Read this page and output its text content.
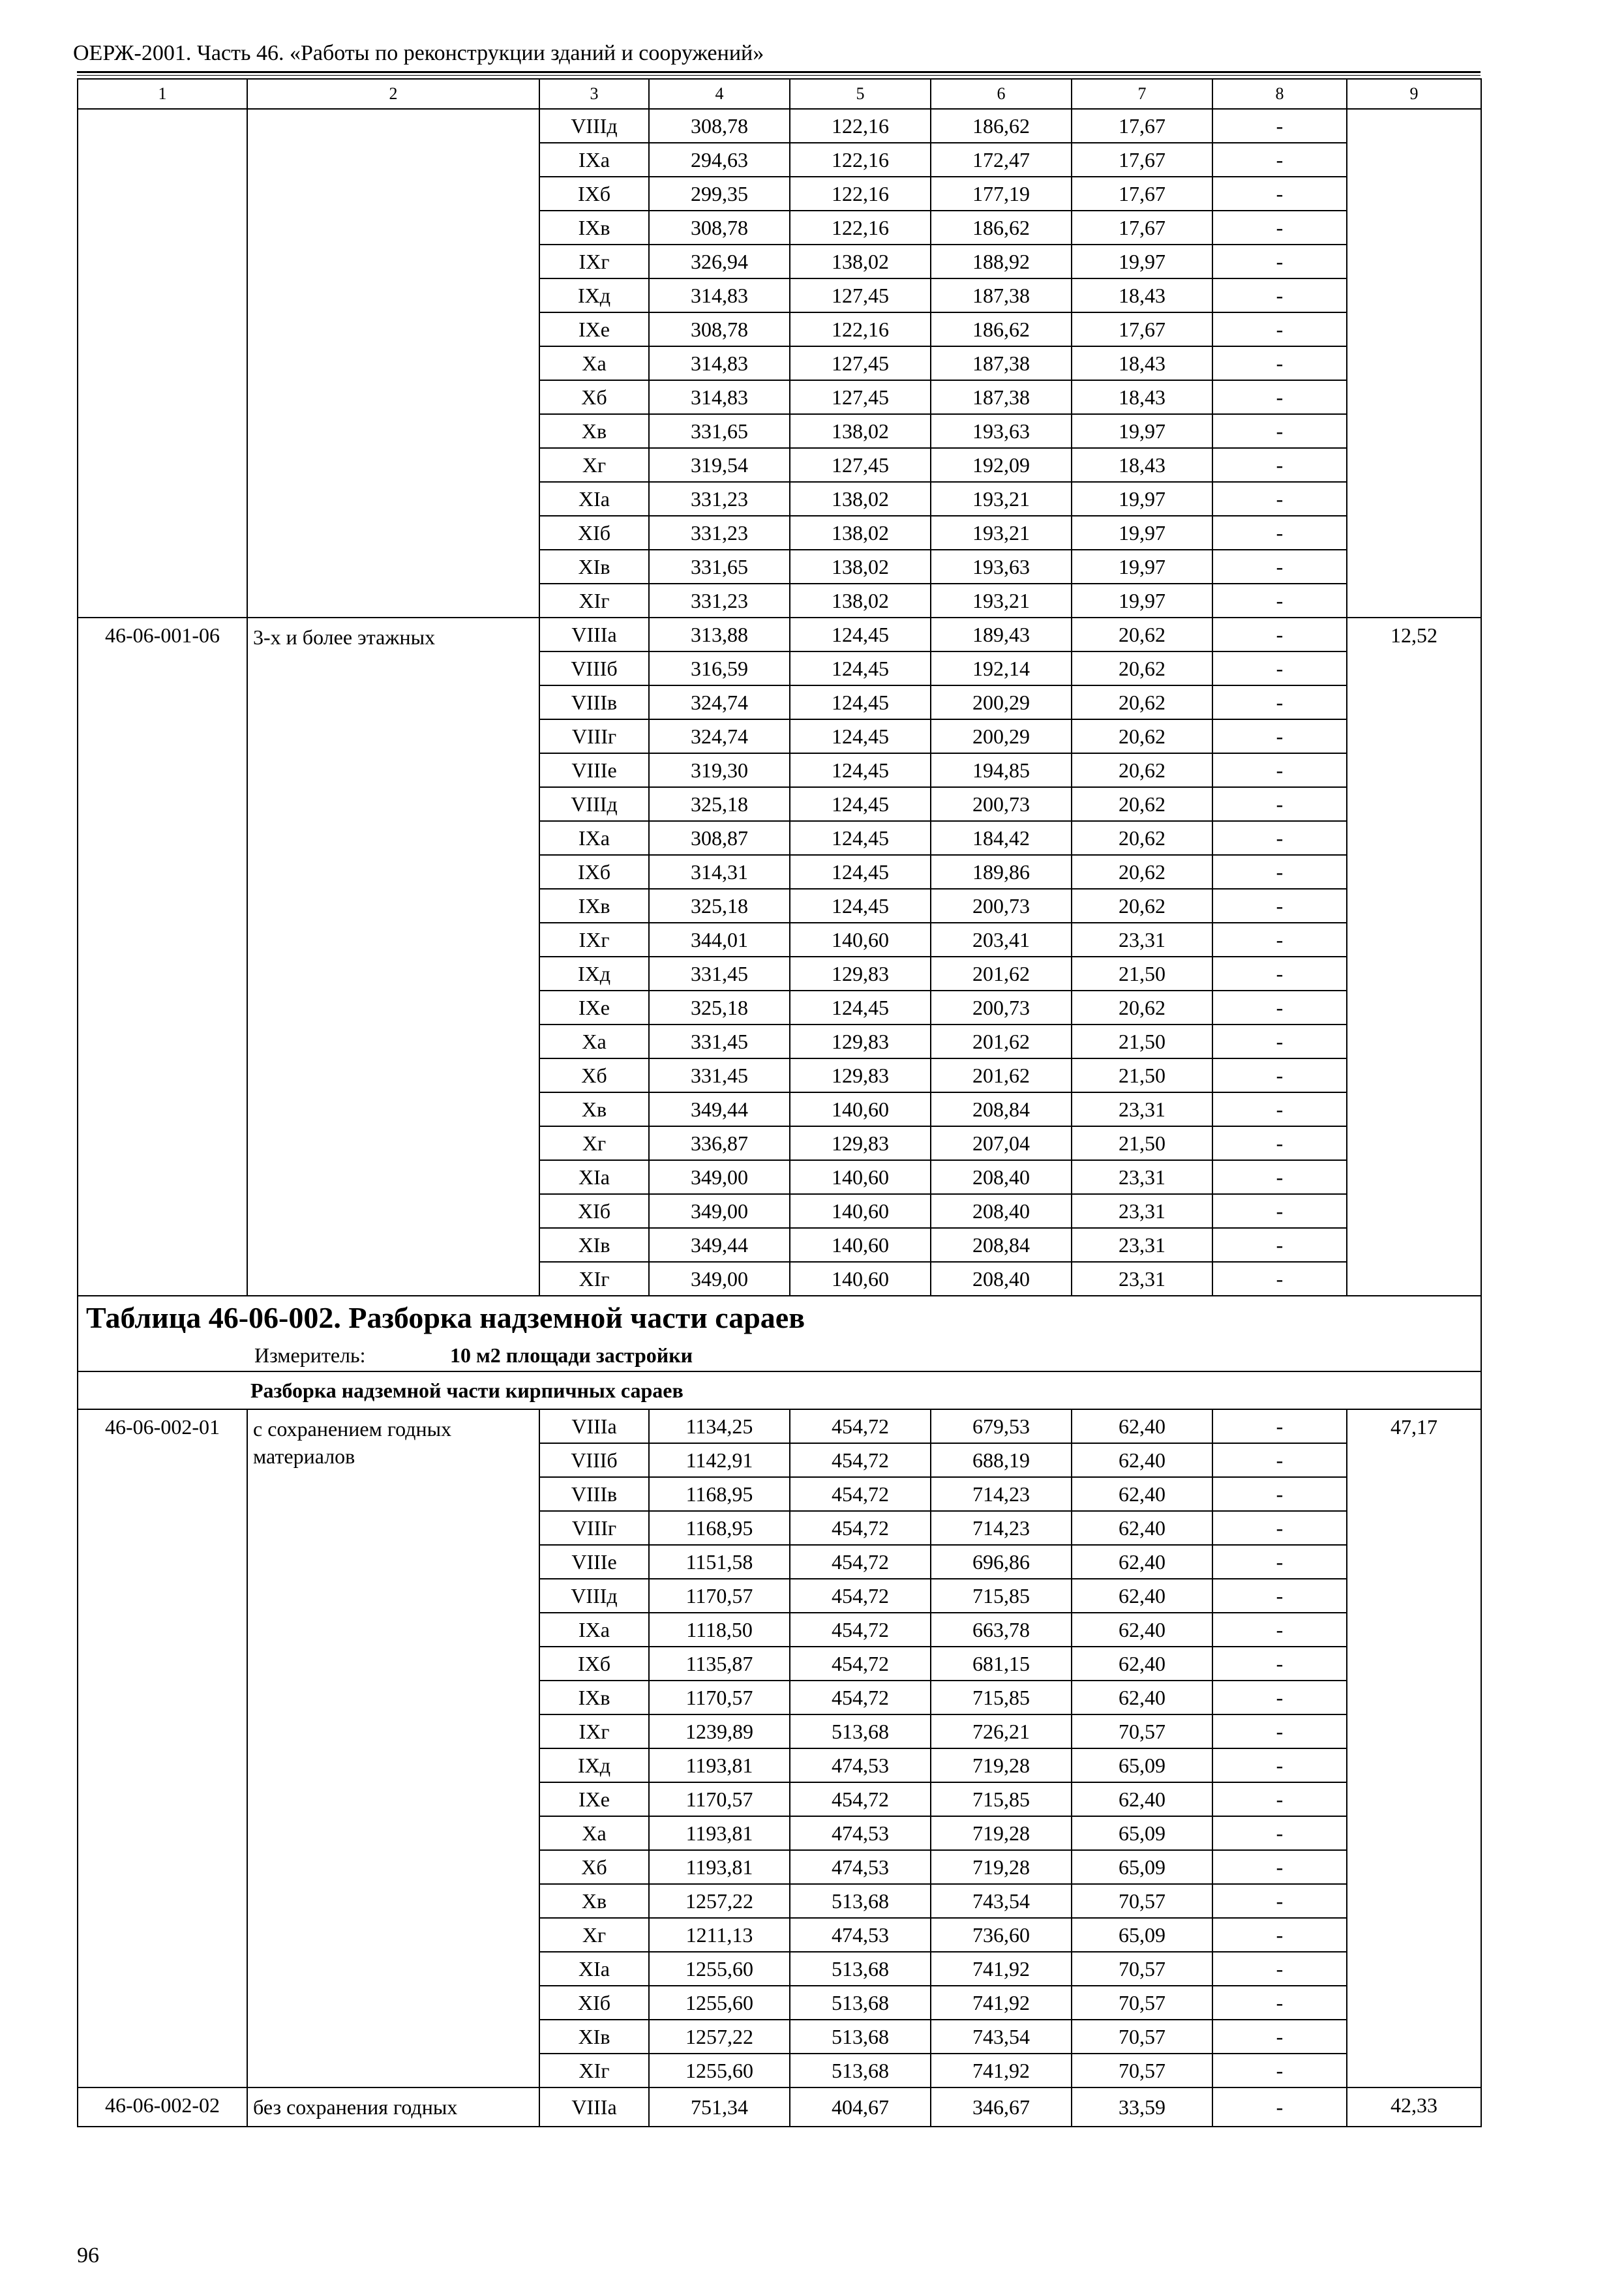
ОЕРЖ-2001. Часть 46. «Работы по реконструкции зданий и сооружений»
1	2	3	4	5	6	7	8	9
		VIIIд	308,78	122,16	186,62	17,67	-	
		IXa	294,63	122,16	172,47	17,67	-	
		IXб	299,35	122,16	177,19	17,67	-	
		IXв	308,78	122,16	186,62	17,67	-	
		IXг	326,94	138,02	188,92	19,97	-	
		IXд	314,83	127,45	187,38	18,43	-	
		IXe	308,78	122,16	186,62	17,67	-	
		Xa	314,83	127,45	187,38	18,43	-	
		Xб	314,83	127,45	187,38	18,43	-	
		Xв	331,65	138,02	193,63	19,97	-	
		Xг	319,54	127,45	192,09	18,43	-	
		XIa	331,23	138,02	193,21	19,97	-	
		XIб	331,23	138,02	193,21	19,97	-	
		XIв	331,65	138,02	193,63	19,97	-	
		XIг	331,23	138,02	193,21	19,97	-	
46-06-001-06	3-х и более этажных	VIIIa	313,88	124,45	189,43	20,62	-	12,52
		VIIIб	316,59	124,45	192,14	20,62	-	
		VIIIв	324,74	124,45	200,29	20,62	-	
		VIIIг	324,74	124,45	200,29	20,62	-	
		VIIIe	319,30	124,45	194,85	20,62	-	
		VIIIд	325,18	124,45	200,73	20,62	-	
		IXa	308,87	124,45	184,42	20,62	-	
		IXб	314,31	124,45	189,86	20,62	-	
		IXв	325,18	124,45	200,73	20,62	-	
		IXг	344,01	140,60	203,41	23,31	-	
		IXд	331,45	129,83	201,62	21,50	-	
		IXe	325,18	124,45	200,73	20,62	-	
		Xa	331,45	129,83	201,62	21,50	-	
		Xб	331,45	129,83	201,62	21,50	-	
		Xв	349,44	140,60	208,84	23,31	-	
		Xг	336,87	129,83	207,04	21,50	-	
		XIa	349,00	140,60	208,40	23,31	-	
		XIб	349,00	140,60	208,40	23,31	-	
		XIв	349,44	140,60	208,84	23,31	-	
		XIг	349,00	140,60	208,40	23,31	-	
Таблица 46-06-002. Разборка надземной части сараев								
Измеритель: 10 м2 площади застройки								
Разборка надземной части кирпичных сараев								
46-06-002-01	с сохранением годных материалов	VIIIa	1134,25	454,72	679,53	62,40	-	47,17
		VIIIб	1142,91	454,72	688,19	62,40	-	
		VIIIв	1168,95	454,72	714,23	62,40	-	
		VIIIг	1168,95	454,72	714,23	62,40	-	
		VIIIe	1151,58	454,72	696,86	62,40	-	
		VIIIд	1170,57	454,72	715,85	62,40	-	
		IXa	1118,50	454,72	663,78	62,40	-	
		IXб	1135,87	454,72	681,15	62,40	-	
		IXв	1170,57	454,72	715,85	62,40	-	
		IXг	1239,89	513,68	726,21	70,57	-	
		IXд	1193,81	474,53	719,28	65,09	-	
		IXe	1170,57	454,72	715,85	62,40	-	
		Xa	1193,81	474,53	719,28	65,09	-	
		Xб	1193,81	474,53	719,28	65,09	-	
		Xв	1257,22	513,68	743,54	70,57	-	
		Xг	1211,13	474,53	736,60	65,09	-	
		XIa	1255,60	513,68	741,92	70,57	-	
		XIб	1255,60	513,68	741,92	70,57	-	
		XIв	1257,22	513,68	743,54	70,57	-	
		XIг	1255,60	513,68	741,92	70,57	-	
46-06-002-02	без сохранения годных	VIIIa	751,34	404,67	346,67	33,59	-	42,33
96
